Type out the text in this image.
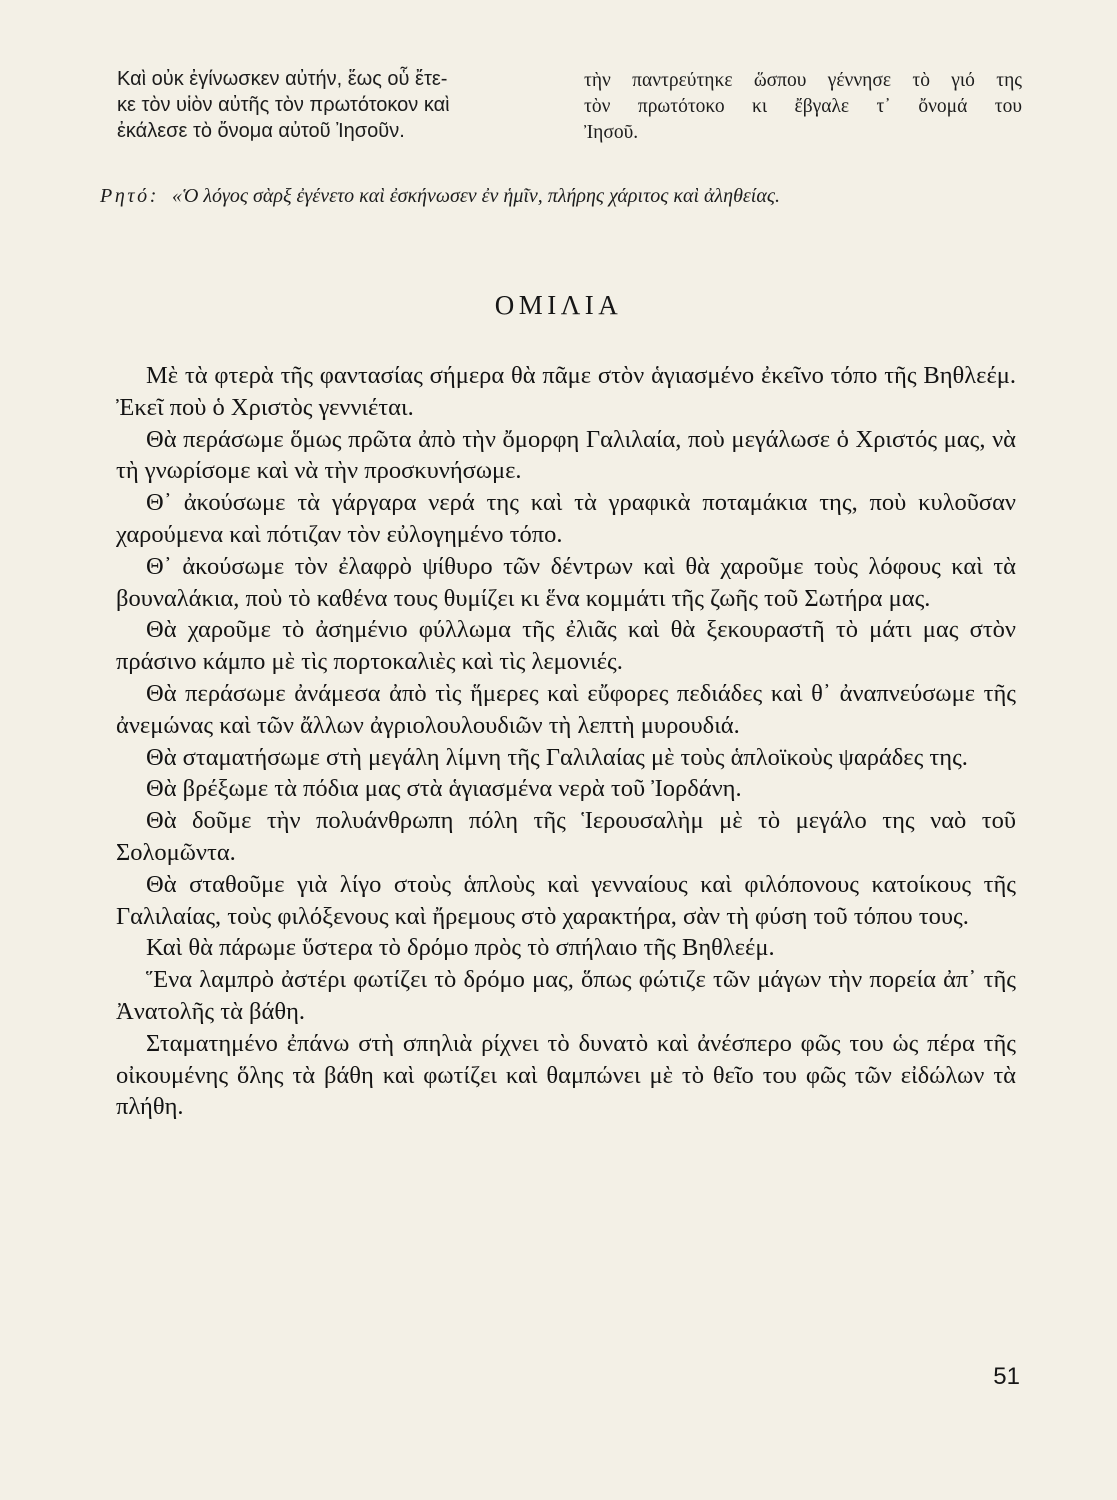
Καὶ οὐκ ἐγίνωσκεν αὐτήν, ἕως οὗ ἔτε-
κε τὸν υἱὸν αὐτῆς τὸν πρωτότοκον καὶ
ἐκάλεσε τὸ ὄνομα αὐτοῦ Ἰησοῦν.
τὴν παντρεύτηκε ὥσπου γέννησε τὸ γιό της
τὸν πρωτότοκο κι ἔβγαλε τ᾿ ὄνομά του
Ἰησοῦ.
Ρητό: «Ὁ λόγος σὰρξ ἐγένετο καὶ ἐσκήνωσεν ἐν ἡμῖν, πλήρης χάριτος καὶ ἀληθείας.
ΟΜΙΛΙΑ

Μὲ τὰ φτερὰ τῆς φαντασίας σήμερα θὰ πᾶμε στὸν ἁγιασμένο ἐκεῖνο τόπο τῆς Βηθλεέμ. Ἐκεῖ ποὺ ὁ Χριστὸς γεννιέται.

Θὰ περάσωμε ὅμως πρῶτα ἀπὸ τὴν ὄμορφη Γαλιλαία, ποὺ μεγάλωσε ὁ Χριστός μας, νὰ τὴ γνωρίσομε καὶ νὰ τὴν προσκυνήσωμε.

Θ᾿ ἀκούσωμε τὰ γάργαρα νερά της καὶ τὰ γραφικὰ ποταμάκια της, ποὺ κυλοῦσαν χαρούμενα καὶ πότιζαν τὸν εὐλογημένο τόπο.

Θ᾿ ἀκούσωμε τὸν ἐλαφρὸ ψίθυρο τῶν δέντρων καὶ θὰ χαροῦμε τοὺς λόφους καὶ τὰ βουναλάκια, ποὺ τὸ καθένα τους θυμίζει κι ἕνα κομμάτι τῆς ζωῆς τοῦ Σωτήρα μας.

Θὰ χαροῦμε τὸ ἀσημένιο φύλλωμα τῆς ἐλιᾶς καὶ θὰ ξεκουραστῆ τὸ μάτι μας στὸν πράσινο κάμπο μὲ τὶς πορτοκαλιὲς καὶ τὶς λεμονιές.

Θὰ περάσωμε ἀνάμεσα ἀπὸ τὶς ἥμερες καὶ εὔφορες πεδιάδες καὶ θ᾿ ἀναπνεύσωμε τῆς ἀνεμώνας καὶ τῶν ἄλλων ἀγριολουλουδιῶν τὴ λεπτὴ μυρουδιά.

Θὰ σταματήσωμε στὴ μεγάλη λίμνη τῆς Γαλιλαίας μὲ τοὺς ἁπλοϊκοὺς ψαράδες της.

Θὰ βρέξωμε τὰ πόδια μας στὰ ἁγιασμένα νερὰ τοῦ Ἰορδάνη.

Θὰ δοῦμε τὴν πολυάνθρωπη πόλη τῆς Ἱερουσαλὴμ μὲ τὸ μεγάλο της ναὸ τοῦ Σολομῶντα.

Θὰ σταθοῦμε γιὰ λίγο στοὺς ἁπλοὺς καὶ γενναίους καὶ φιλόπονους κατοίκους τῆς Γαλιλαίας, τοὺς φιλόξενους καὶ ἤρεμους στὸ χαρακτήρα, σὰν τὴ φύση τοῦ τόπου τους.

Καὶ θὰ πάρωμε ὕστερα τὸ δρόμο πρὸς τὸ σπήλαιο τῆς Βηθλεέμ.

Ἕνα λαμπρὸ ἀστέρι φωτίζει τὸ δρόμο μας, ὅπως φώτιζε τῶν μάγων τὴν πορεία ἀπ᾿ τῆς Ἀνατολῆς τὰ βάθη.

Σταματημένο ἐπάνω στὴ σπηλιὰ ρίχνει τὸ δυνατὸ καὶ ἀνέσπερο φῶς του ὡς πέρα τῆς οἰκουμένης ὅλης τὰ βάθη καὶ φωτίζει καὶ θαμπώνει μὲ τὸ θεῖο του φῶς τῶν εἰδώλων τὰ πλήθη.

51
